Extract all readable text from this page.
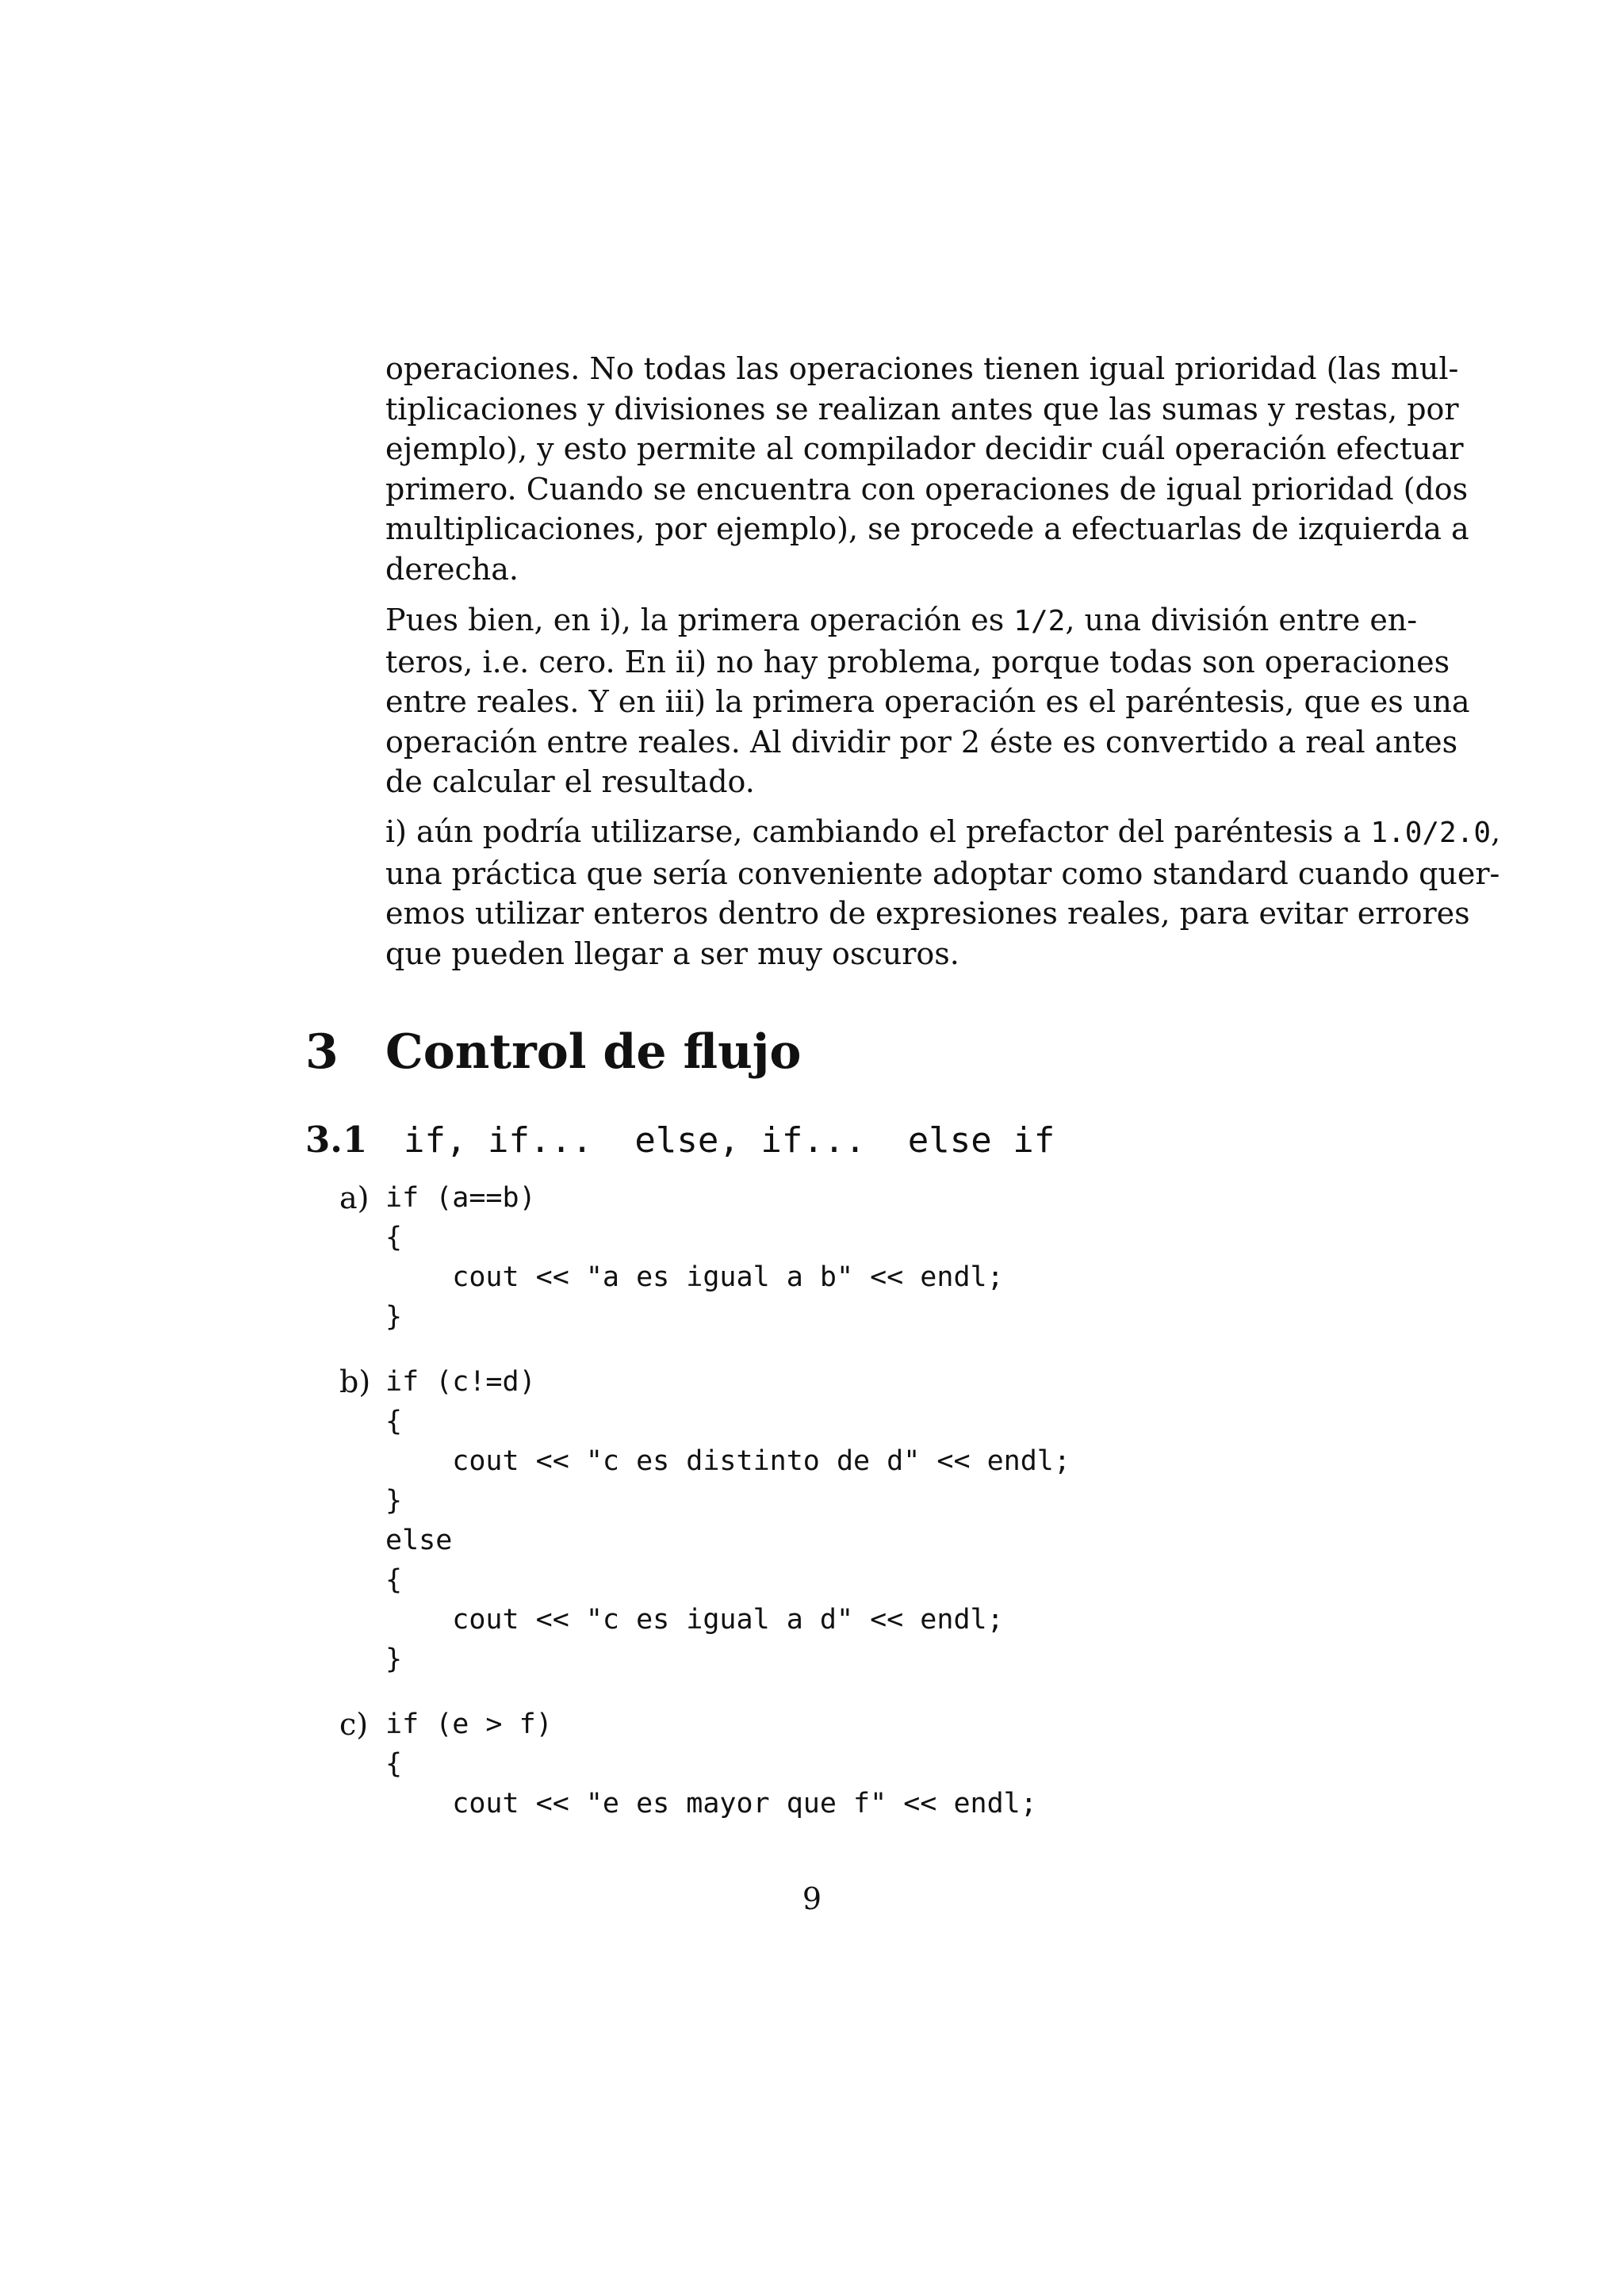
operaciones. No todas las operaciones tienen igual prioridad (las mul-
tiplicaciones y divisiones se realizan antes que las sumas y restas, por
ejemplo), y esto permite al compilador decidir cuál operación efectuar
primero. Cuando se encuentra con operaciones de igual prioridad (dos
multiplicaciones, por ejemplo), se procede a efectuarlas de izquierda a
derecha.
Pues bien, en i), la primera operación es 1/2, una división entre en-
teros, i.e. cero. En ii) no hay problema, porque todas son operaciones
entre reales. Y en iii) la primera operación es el paréntesis, que es una
operación entre reales. Al dividir por 2 éste es convertido a real antes
de calcular el resultado.
i) aún podría utilizarse, cambiando el prefactor del paréntesis a 1.0/2.0,
una práctica que sería conveniente adoptar como standard cuando quer-
emos utilizar enteros dentro de expresiones reales, para evitar errores
que pueden llegar a ser muy oscuros.
3 Control de flujo
3.1 if, if...  else, if...  else if
a) if (a==b)
{
cout << "a es igual a b" << endl;
}
b) if (c!=d)
{
cout << "c es distinto de d" << endl;
}
else
{
cout << "c es igual a d" << endl;
}
c) if (e > f)
{
cout << "e es mayor que f" << endl;
9
